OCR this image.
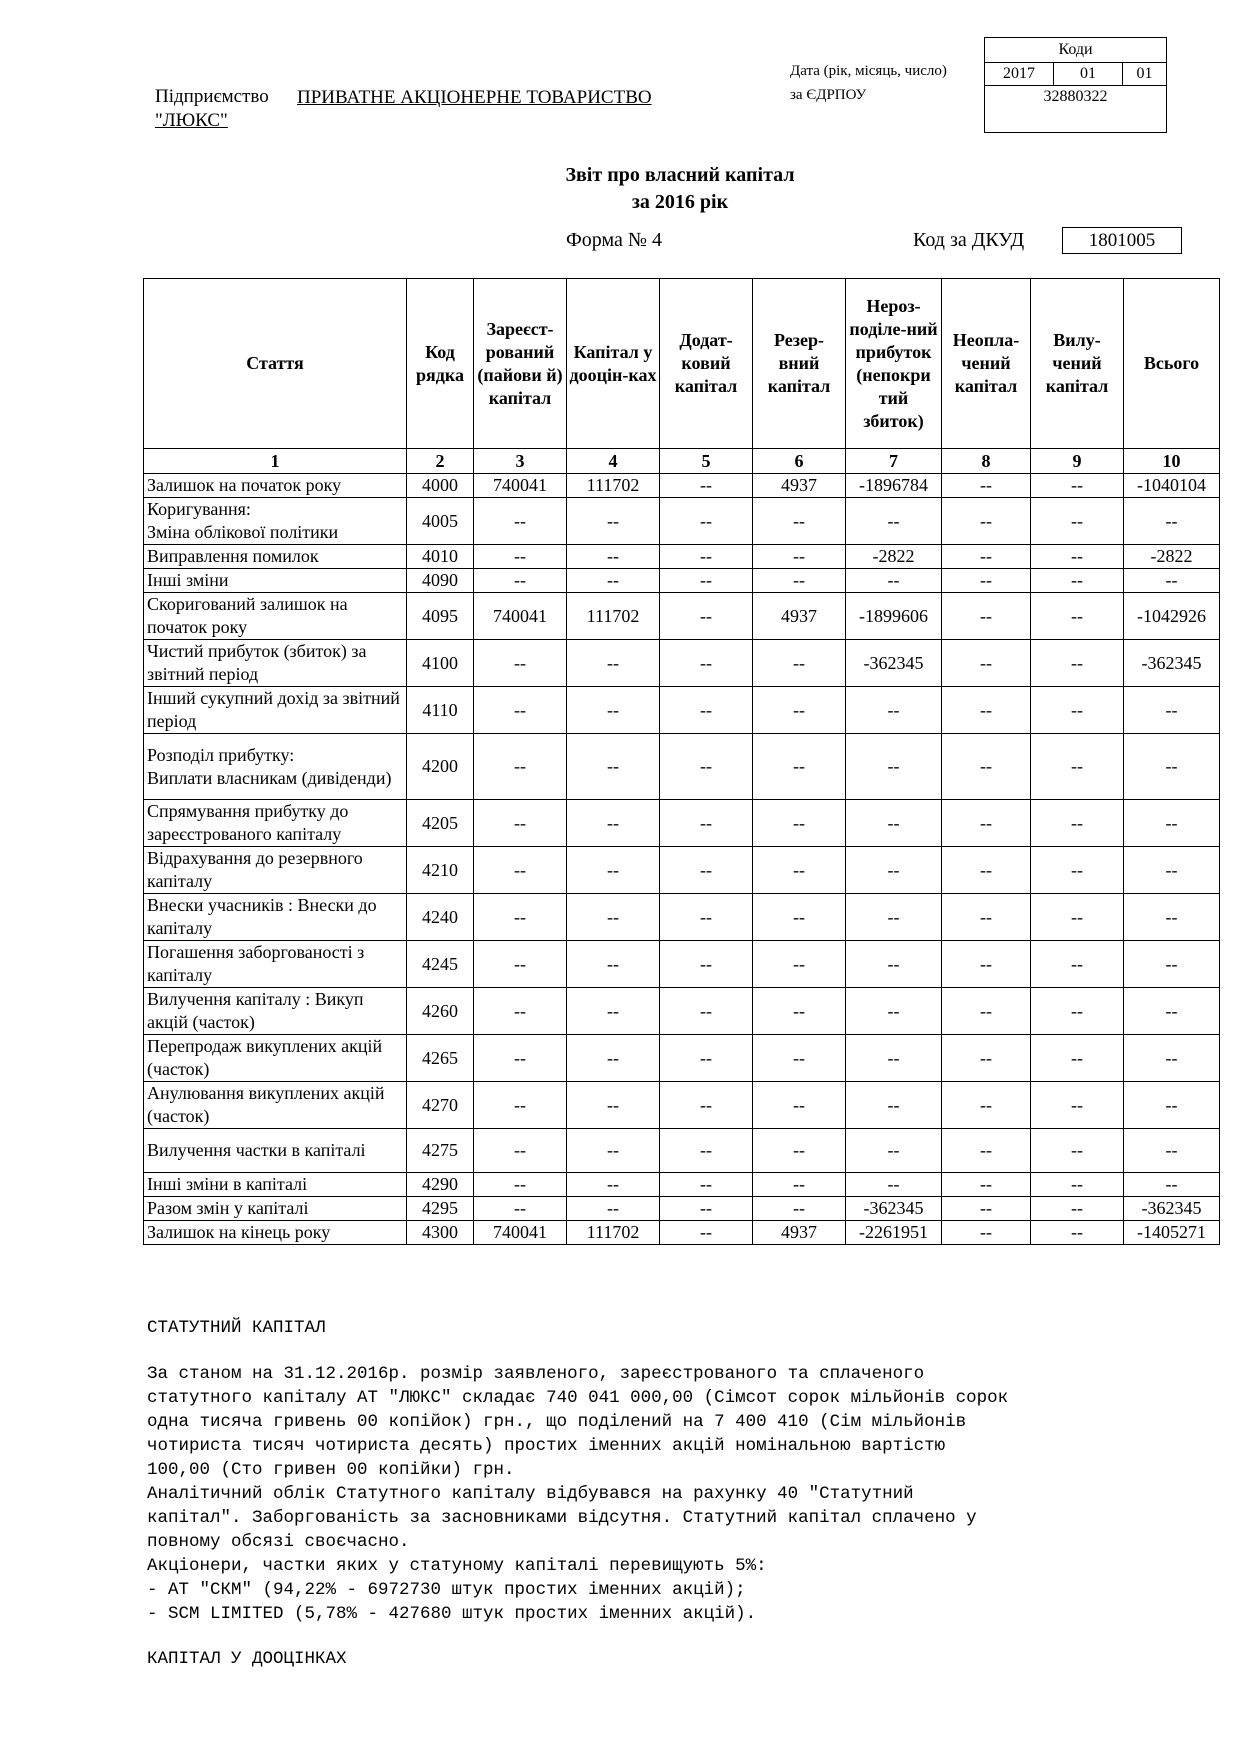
Підприємство ПРИВАТНЕ АКЦІОНЕРНЕ ТОВАРИСТВО
"ЛЮКС"
Дата (рік, місяць, число)
за ЄДРПОУ
Коди
2017	01	01
32880322
Звіт про власний капітал
за 2016 рік
Форма № 4	Код за ДКУД	1801005
Стаття	Код рядка	Зареєст-рований (пайови й) капітал	Капітал у дооцін-ках	Додат-ковий капітал	Резер-вний капітал	Нероз-поділе-ний прибуток (непокри тий збиток)	Неопла-чений капітал	Вилу-чений капітал	Всього
1	2	3	4	5	6	7	8	9	10
Залишок на початок року	4000	740041	111702	--	4937	-1896784	--	--	-1040104
Коригування:
Зміна облікової політики	4005	--	--	--	--	--	--	--	--
Виправлення помилок	4010	--	--	--	--	-2822	--	--	-2822
Інші зміни	4090	--	--	--	--	--	--	--	--
Скоригований залишок на початок року	4095	740041	111702	--	4937	-1899606	--	--	-1042926
Чистий прибуток (збиток) за звітний період	4100	--	--	--	--	-362345	--	--	-362345
Інший сукупний дохід за звітний період	4110	--	--	--	--	--	--	--	--
Розподіл прибутку:
Виплати власникам (дивіденди)	4200	--	--	--	--	--	--	--	--
Спрямування прибутку до зареєстрованого капіталу	4205	--	--	--	--	--	--	--	--
Відрахування до резервного капіталу	4210	--	--	--	--	--	--	--	--
Внески учасників : Внески до капіталу	4240	--	--	--	--	--	--	--	--
Погашення заборгованості з капіталу	4245	--	--	--	--	--	--	--	--
Вилучення капіталу : Викуп акцій (часток)	4260	--	--	--	--	--	--	--	--
Перепродаж викуплених акцій (часток)	4265	--	--	--	--	--	--	--	--
Анулювання викуплених акцій (часток)	4270	--	--	--	--	--	--	--	--
Вилучення частки в капіталі	4275	--	--	--	--	--	--	--	--
Інші зміни в капіталі	4290	--	--	--	--	--	--	--	--
Разом змін у капіталі	4295	--	--	--	--	-362345	--	--	-362345
Залишок на кінець року	4300	740041	111702	--	4937	-2261951	--	--	-1405271
СТАТУТНИЙ КАПІТАЛ
За станом на 31.12.2016р. розмір заявленого, зареєстрованого та сплаченого
статутного капіталу АТ "ЛЮКС" складає 740 041 000,00 (Сімсот сорок мільйонів сорок
одна тисяча гривень 00 копійок) грн., що поділений на 7 400 410 (Сім мільйонів
чотириста тисяч чотириста десять) простих іменних акцій номінальною вартістю
100,00 (Сто гривен 00 копійки) грн.
Аналітичний облік Статутного капіталу відбувався на рахунку 40 "Статутний
капітал". Заборгованість за засновниками відсутня. Статутний капітал сплачено у
повному обсязі своєчасно.
Акціонери, частки яких у статуному капіталі перевищують 5%:
- АТ "СКМ" (94,22% - 6972730 штук простих іменних акцій);
- SCM LIMITED (5,78% - 427680 штук простих іменних акцій).
КАПІТАЛ У ДООЦІНКАХ
